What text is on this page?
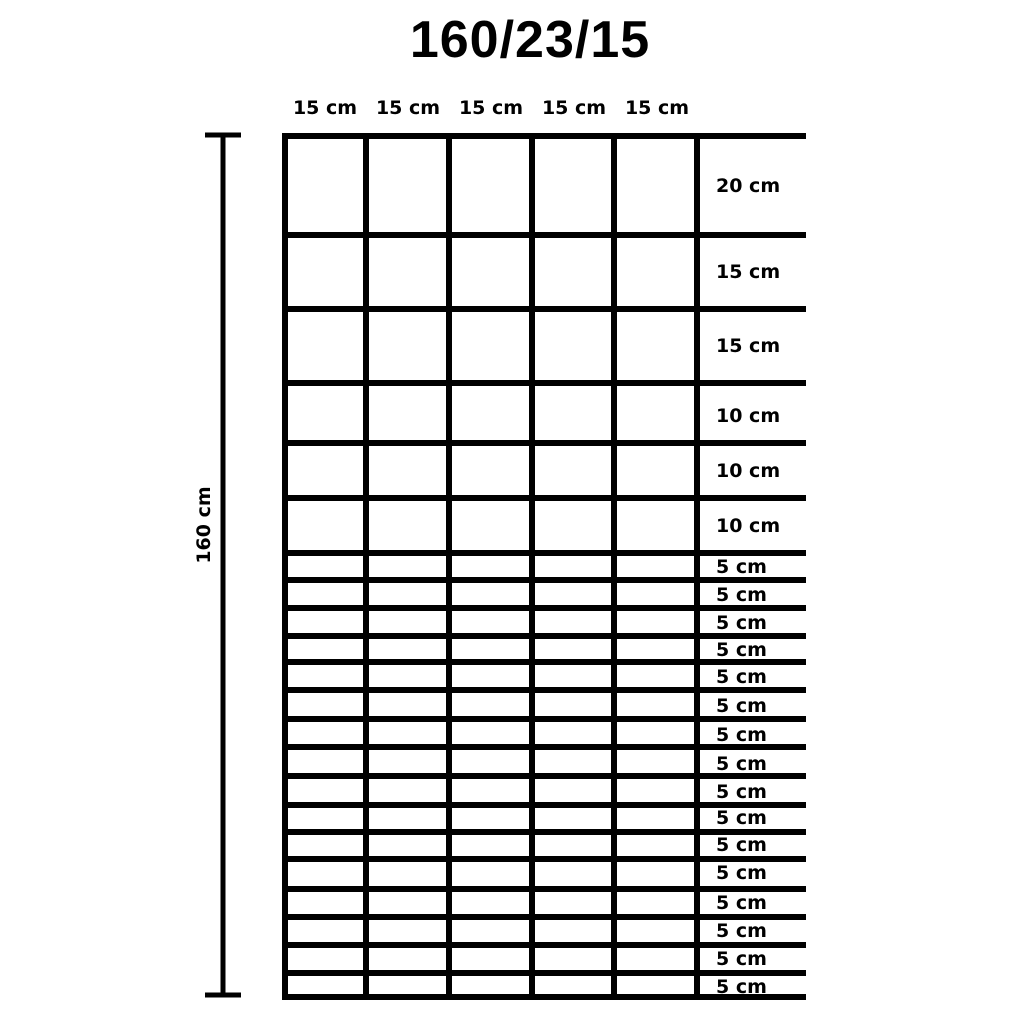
160/23/15
15 cm 15 cm 15 cm 15 cm 15 cm
160 cm
20 cm
15 cm
15 cm
10 cm
10 cm
10 cm
5 cm
5 cm
5 cm
5 cm
5 cm
5 cm
5 cm
5 cm
5 cm
5 cm
5 cm
5 cm
5 cm
5 cm
5 cm
5 cm
